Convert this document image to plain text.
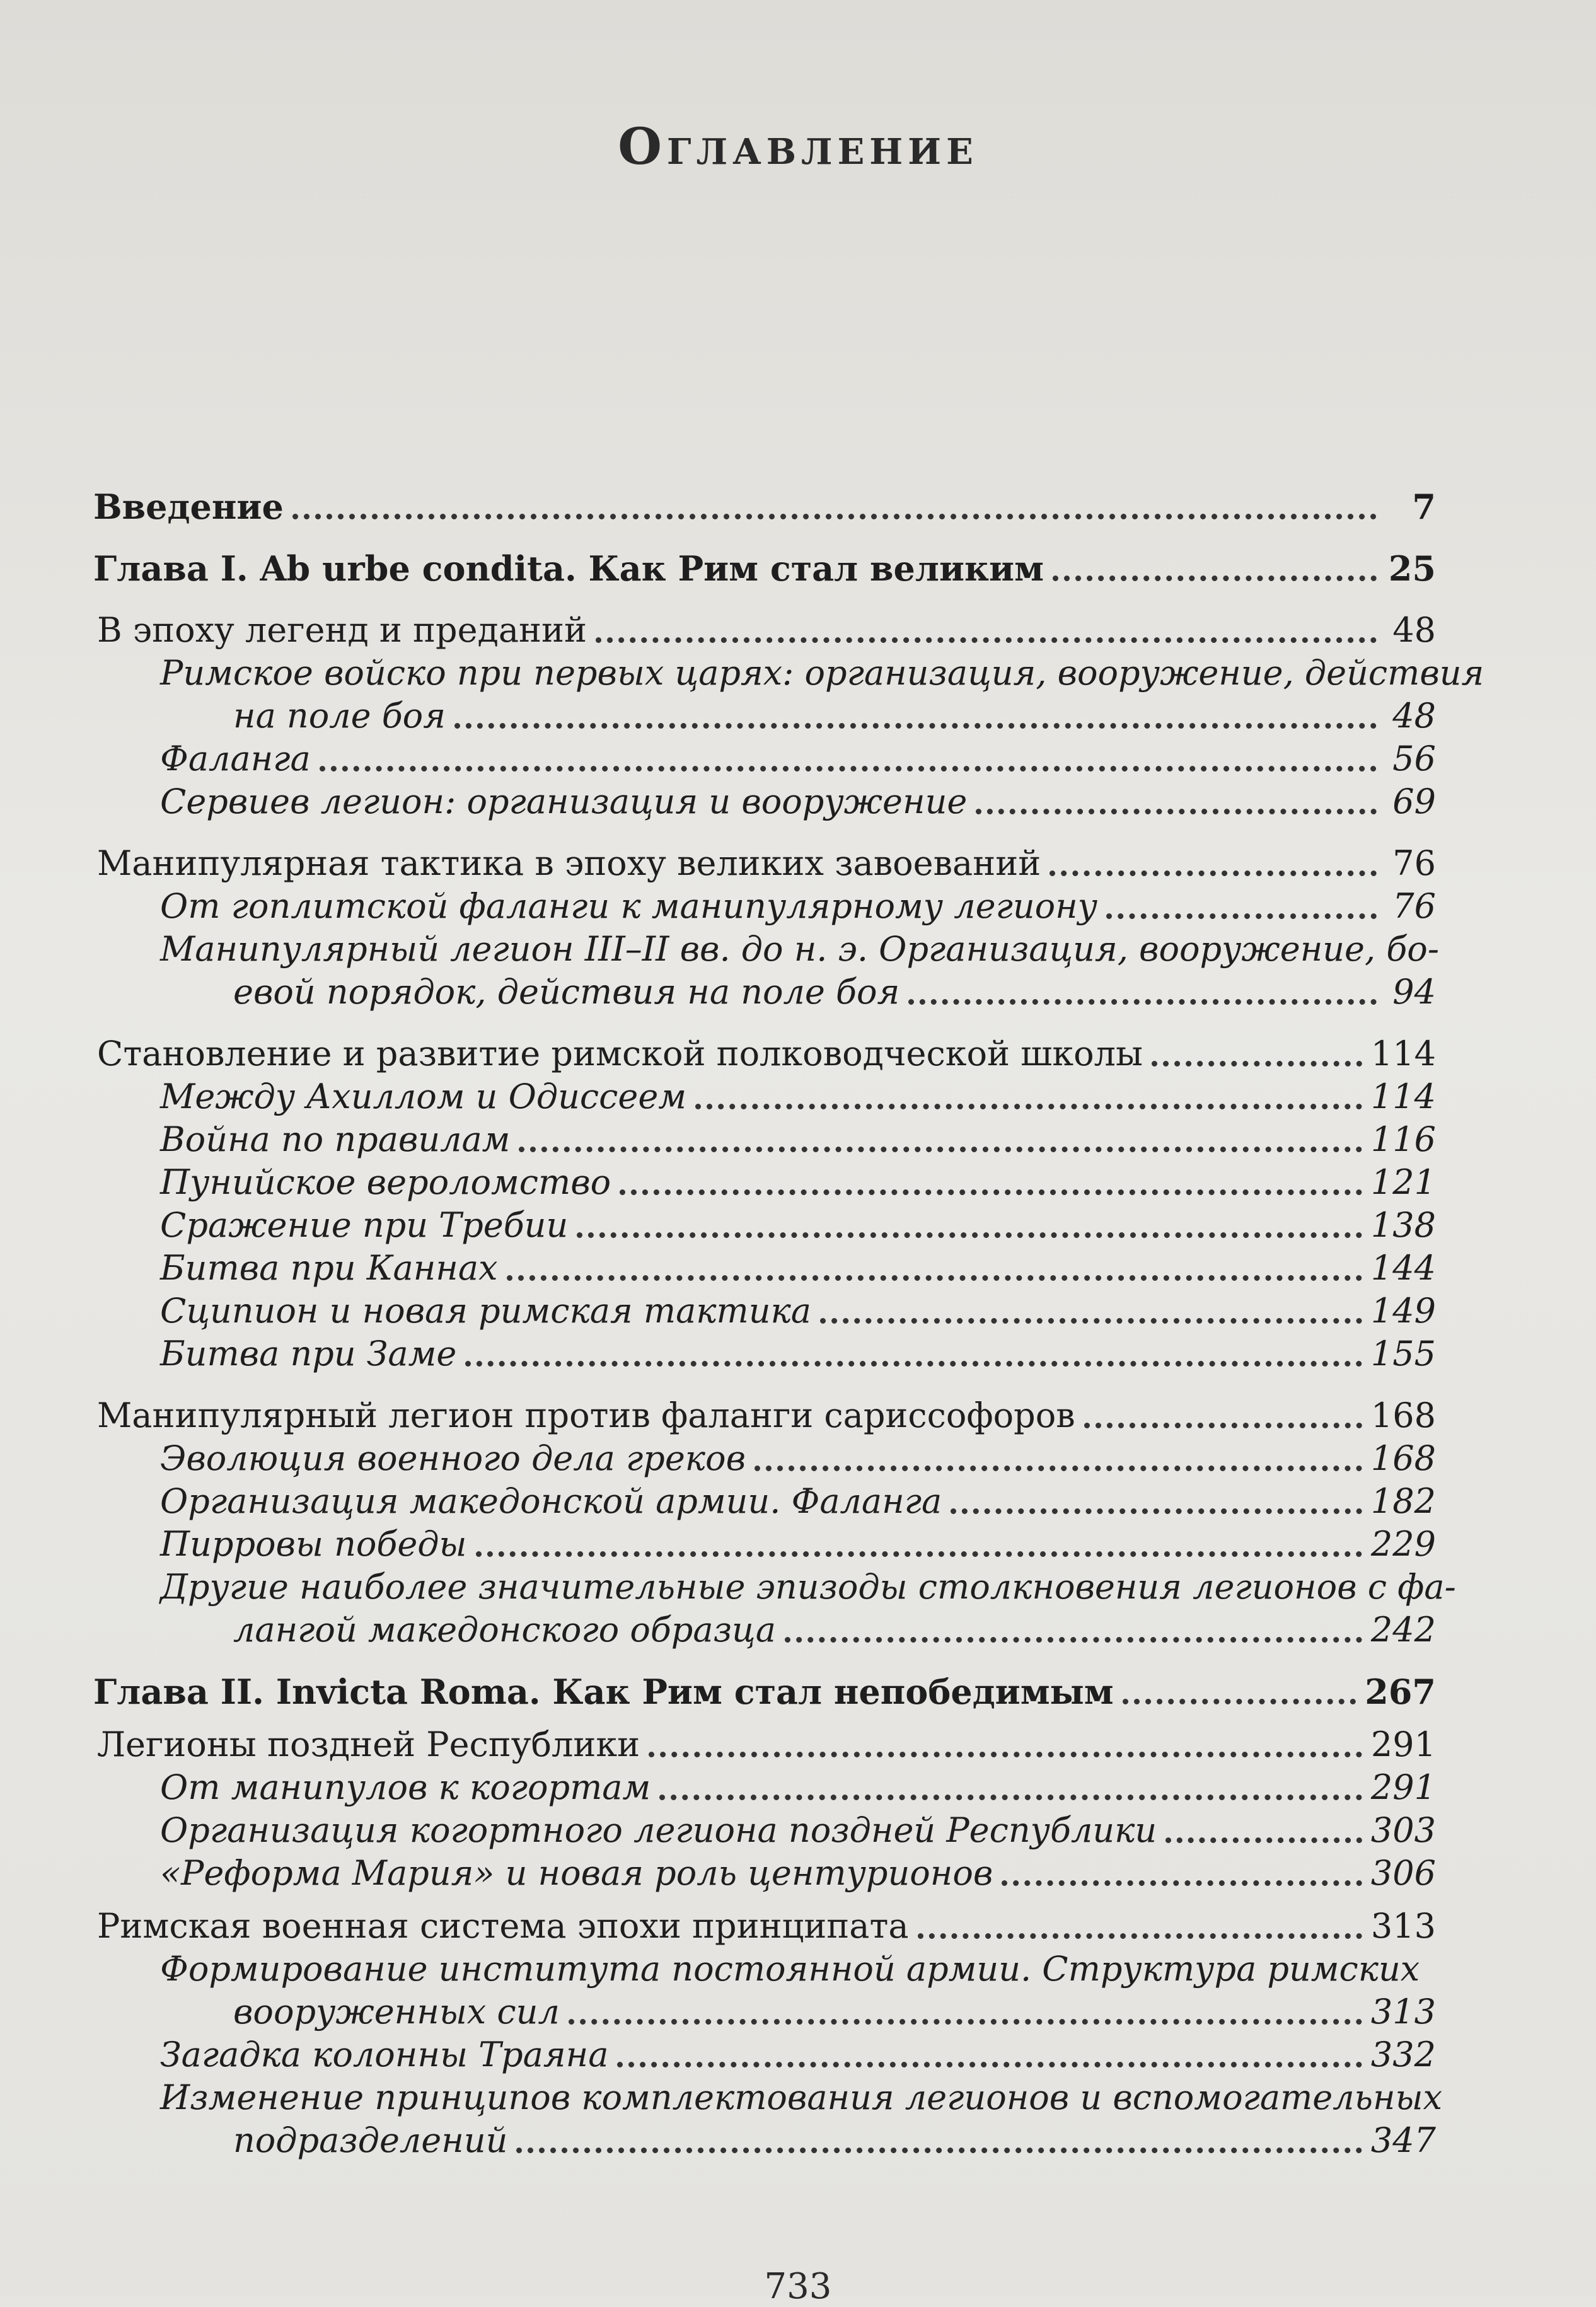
Оглавление
Введение	7
Глава I. Ab urbe condita. Как Рим стал великим	25
В эпоху легенд и преданий	48
Римское войско при первых царях: организация, вооружение, действия
на поле боя	48
Фаланга	56
Сервиев легион: организация и вооружение	69
Манипулярная тактика в эпоху великих завоеваний	76
От гоплитской фаланги к манипулярному легиону	76
Манипулярный легион III–II вв. до н. э. Организация, вооружение, бо-
евой порядок, действия на поле боя	94
Становление и развитие римской полководческой школы	114
Между Ахиллом и Одиссеем	114
Война по правилам	116
Пунийское вероломство	121
Сражение при Требии	138
Битва при Каннах	144
Сципион и новая римская тактика	149
Битва при Заме	155
Манипулярный легион против фаланги сариссофоров	168
Эволюция военного дела греков	168
Организация македонской армии. Фаланга	182
Пирровы победы	229
Другие наиболее значительные эпизоды столкновения легионов с фа-
лангой македонского образца	242
Глава II. Invicta Roma. Как Рим стал непобедимым	267
Легионы поздней Республики	291
От манипулов к когортам	291
Организация когортного легиона поздней Республики	303
«Реформа Мария» и новая роль центурионов	306
Римская военная система эпохи принципата	313
Формирование института постоянной армии. Структура римских
вооруженных сил	313
Загадка колонны Траяна	332
Изменение принципов комплектования легионов и вспомогательных
подразделений	347
733
